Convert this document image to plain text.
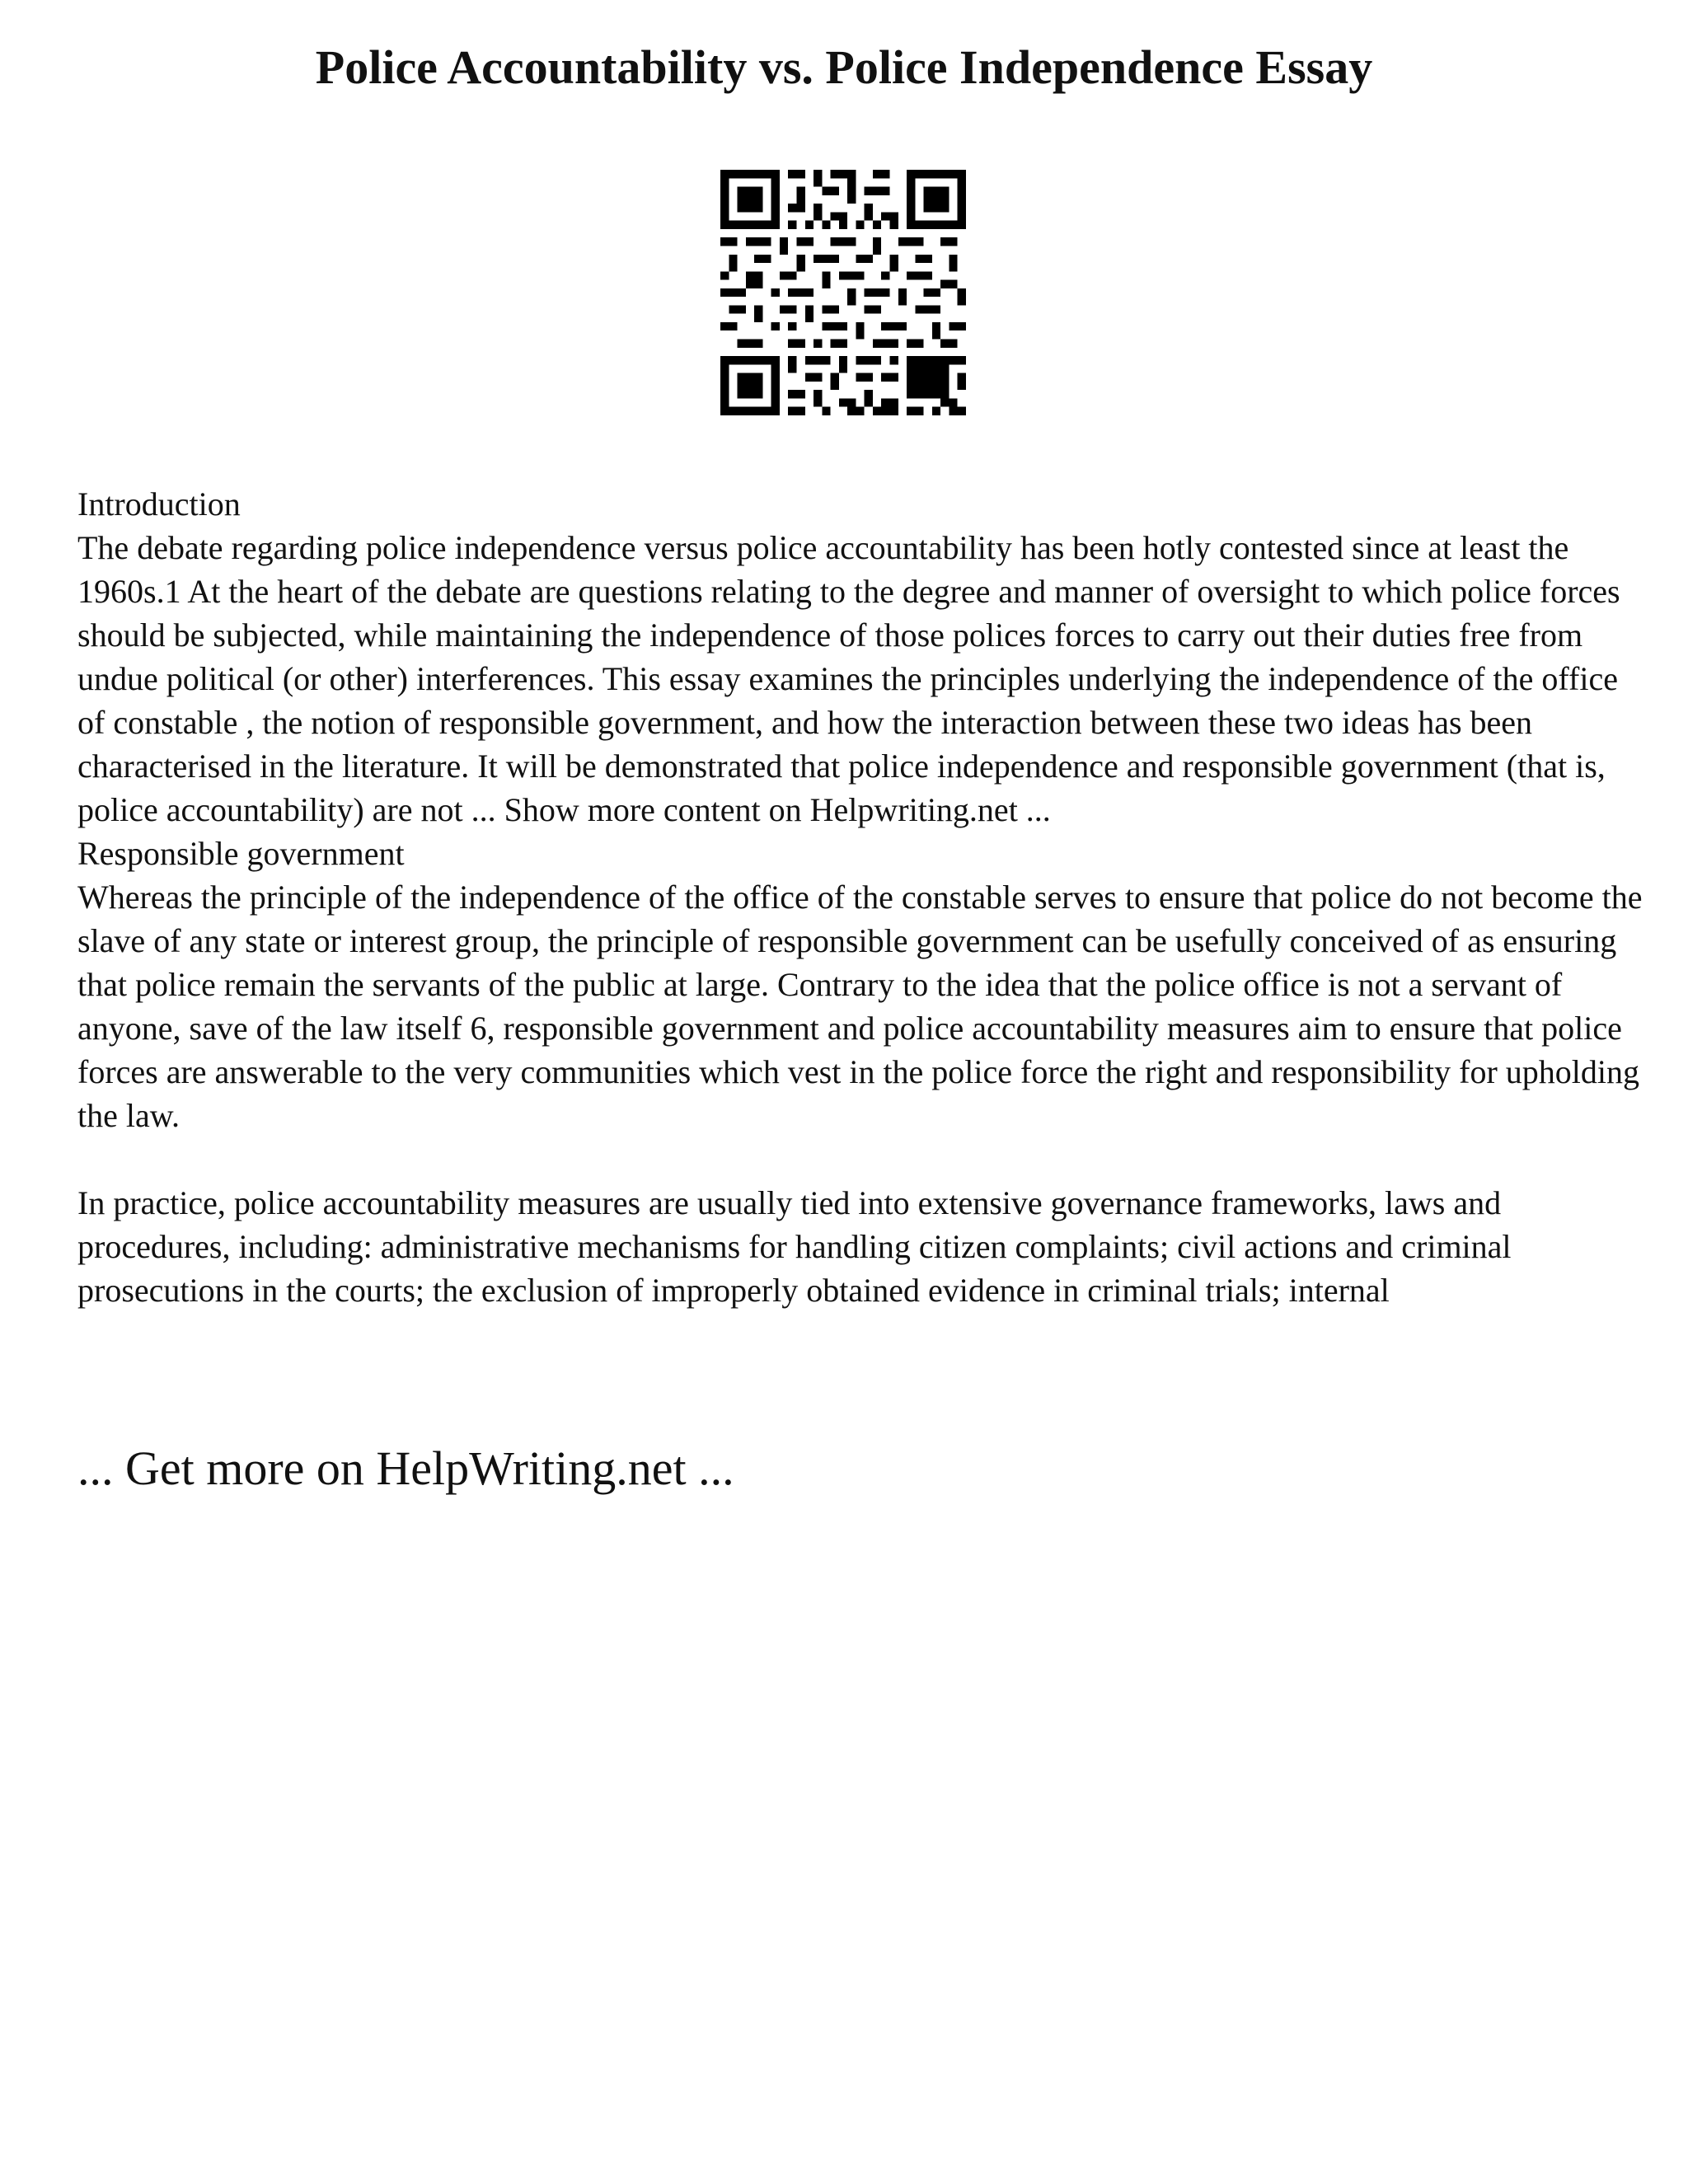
Police Accountability vs. Police Independence Essay
Introduction

The debate regarding police independence versus police accountability has been hotly contested since at least the 1960s.1 At the heart of the debate are questions relating to the degree and manner of oversight to which police forces should be subjected, while maintaining the independence of those polices forces to carry out their duties free from undue political (or other) interferences. This essay examines the principles underlying the independence of the office of constable , the notion of responsible government, and how the interaction between these two ideas has been characterised in the literature. It will be demonstrated that police independence and responsible government (that is, police accountability) are not ... Show more content on Helpwriting.net ...

Responsible government

Whereas the principle of the independence of the office of the constable serves to ensure that police do not become the slave of any state or interest group, the principle of responsible government can be usefully conceived of as ensuring that police remain the servants of the public at large. Contrary to the idea that the police office is not a servant of anyone, save of the law itself 6, responsible government and police accountability measures aim to ensure that police forces are answerable to the very communities which vest in the police force the right and responsibility for upholding the law.

In practice, police accountability measures are usually tied into extensive governance frameworks, laws and procedures, including: administrative mechanisms for handling citizen complaints; civil actions and criminal prosecutions in the courts; the exclusion of improperly obtained evidence in criminal trials; internal

... Get more on HelpWriting.net ...
